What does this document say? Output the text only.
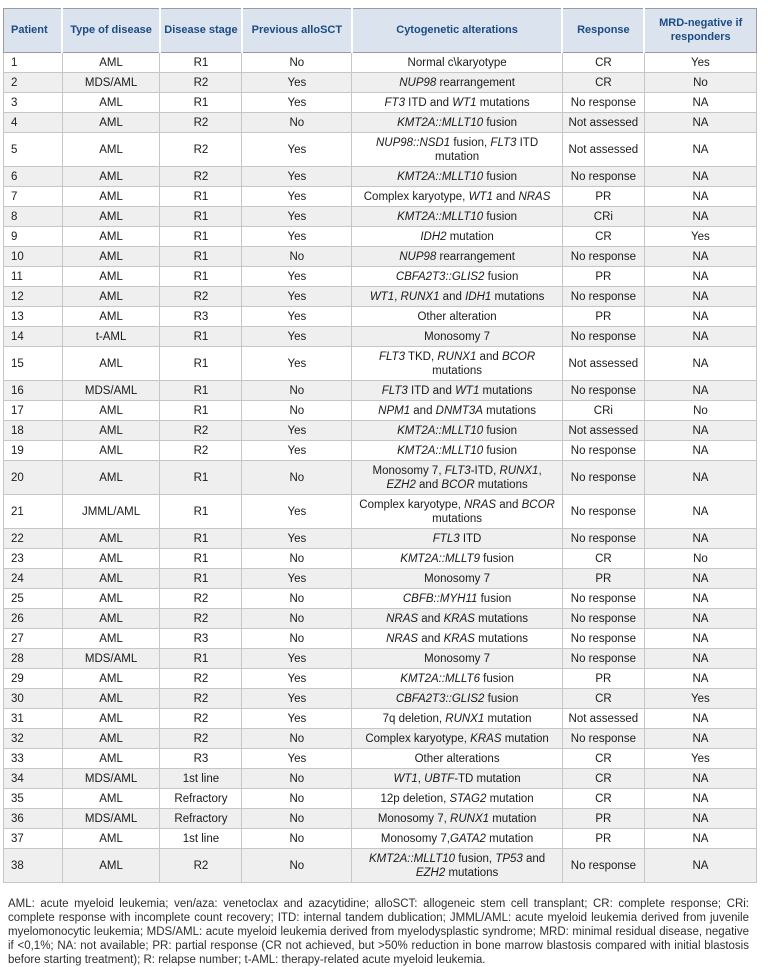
Patient	Type of disease	Disease stage	Previous alloSCT	Cytogenetic alterations	Response	MRD-negative if responders
1	AML	R1	No	Normal c\karyotype	CR	Yes
2	MDS/AML	R2	Yes	NUP98 rearrangement	CR	No
3	AML	R1	Yes	FT3 ITD and WT1 mutations	No response	NA
4	AML	R2	No	KMT2A::MLLT10 fusion	Not assessed	NA
5	AML	R2	Yes	NUP98::NSD1 fusion, FLT3 ITD mutation	Not assessed	NA
6	AML	R2	Yes	KMT2A::MLLT10 fusion	No response	NA
7	AML	R1	Yes	Complex karyotype, WT1 and NRAS	PR	NA
8	AML	R1	Yes	KMT2A::MLLT10 fusion	CRi	NA
9	AML	R1	Yes	IDH2 mutation	CR	Yes
10	AML	R1	No	NUP98 rearrangement	No response	NA
11	AML	R1	Yes	CBFA2T3::GLIS2 fusion	PR	NA
12	AML	R2	Yes	WT1, RUNX1 and IDH1 mutations	No response	NA
13	AML	R3	Yes	Other alteration	PR	NA
14	t-AML	R1	Yes	Monosomy 7	No response	NA
15	AML	R1	Yes	FLT3 TKD, RUNX1 and BCOR mutations	Not assessed	NA
16	MDS/AML	R1	No	FLT3 ITD and WT1 mutations	No response	NA
17	AML	R1	No	NPM1 and DNMT3A mutations	CRi	No
18	AML	R2	Yes	KMT2A::MLLT10 fusion	Not assessed	NA
19	AML	R2	Yes	KMT2A::MLLT10 fusion	No response	NA
20	AML	R1	No	Monosomy 7, FLT3-ITD, RUNX1, EZH2 and BCOR mutations	No response	NA
21	JMML/AML	R1	Yes	Complex karyotype, NRAS and BCOR mutations	No response	NA
22	AML	R1	Yes	FTL3 ITD	No response	NA
23	AML	R1	No	KMT2A::MLLT9 fusion	CR	No
24	AML	R1	Yes	Monosomy 7	PR	NA
25	AML	R2	No	CBFB::MYH11 fusion	No response	NA
26	AML	R2	No	NRAS and KRAS mutations	No response	NA
27	AML	R3	No	NRAS and KRAS mutations	No response	NA
28	MDS/AML	R1	Yes	Monosomy 7	No response	NA
29	AML	R2	Yes	KMT2A::MLLT6 fusion	PR	NA
30	AML	R2	Yes	CBFA2T3::GLIS2 fusion	CR	Yes
31	AML	R2	Yes	7q deletion, RUNX1 mutation	Not assessed	NA
32	AML	R2	No	Complex karyotype, KRAS mutation	No response	NA
33	AML	R3	Yes	Other alterations	CR	Yes
34	MDS/AML	1st line	No	WT1, UBTF-TD mutation	CR	NA
35	AML	Refractory	No	12p deletion, STAG2 mutation	CR	NA
36	MDS/AML	Refractory	No	Monosomy 7, RUNX1 mutation	PR	NA
37	AML	1st line	No	Monosomy 7,GATA2 mutation	PR	NA
38	AML	R2	No	KMT2A::MLLT10 fusion, TP53 and EZH2 mutations	No response	NA

AML: acute myeloid leukemia; ven/aza: venetoclax and azacytidine; alloSCT: allogeneic stem cell transplant; CR: complete response; CRi: complete response with incomplete count recovery; ITD: internal tandem dublication; JMML/AML: acute myeloid leukemia derived from juvenile myelomonocytic leukemia; MDS/AML: acute myeloid leukemia derived from myelodysplastic syndrome; MRD: minimal residual disease, negative if <0,1%; NA: not available; PR: partial response (CR not achieved, but >50% reduction in bone marrow blastosis compared with initial blastosis before starting treatment); R: relapse number; t-AML: therapy-related acute myeloid leukemia.
